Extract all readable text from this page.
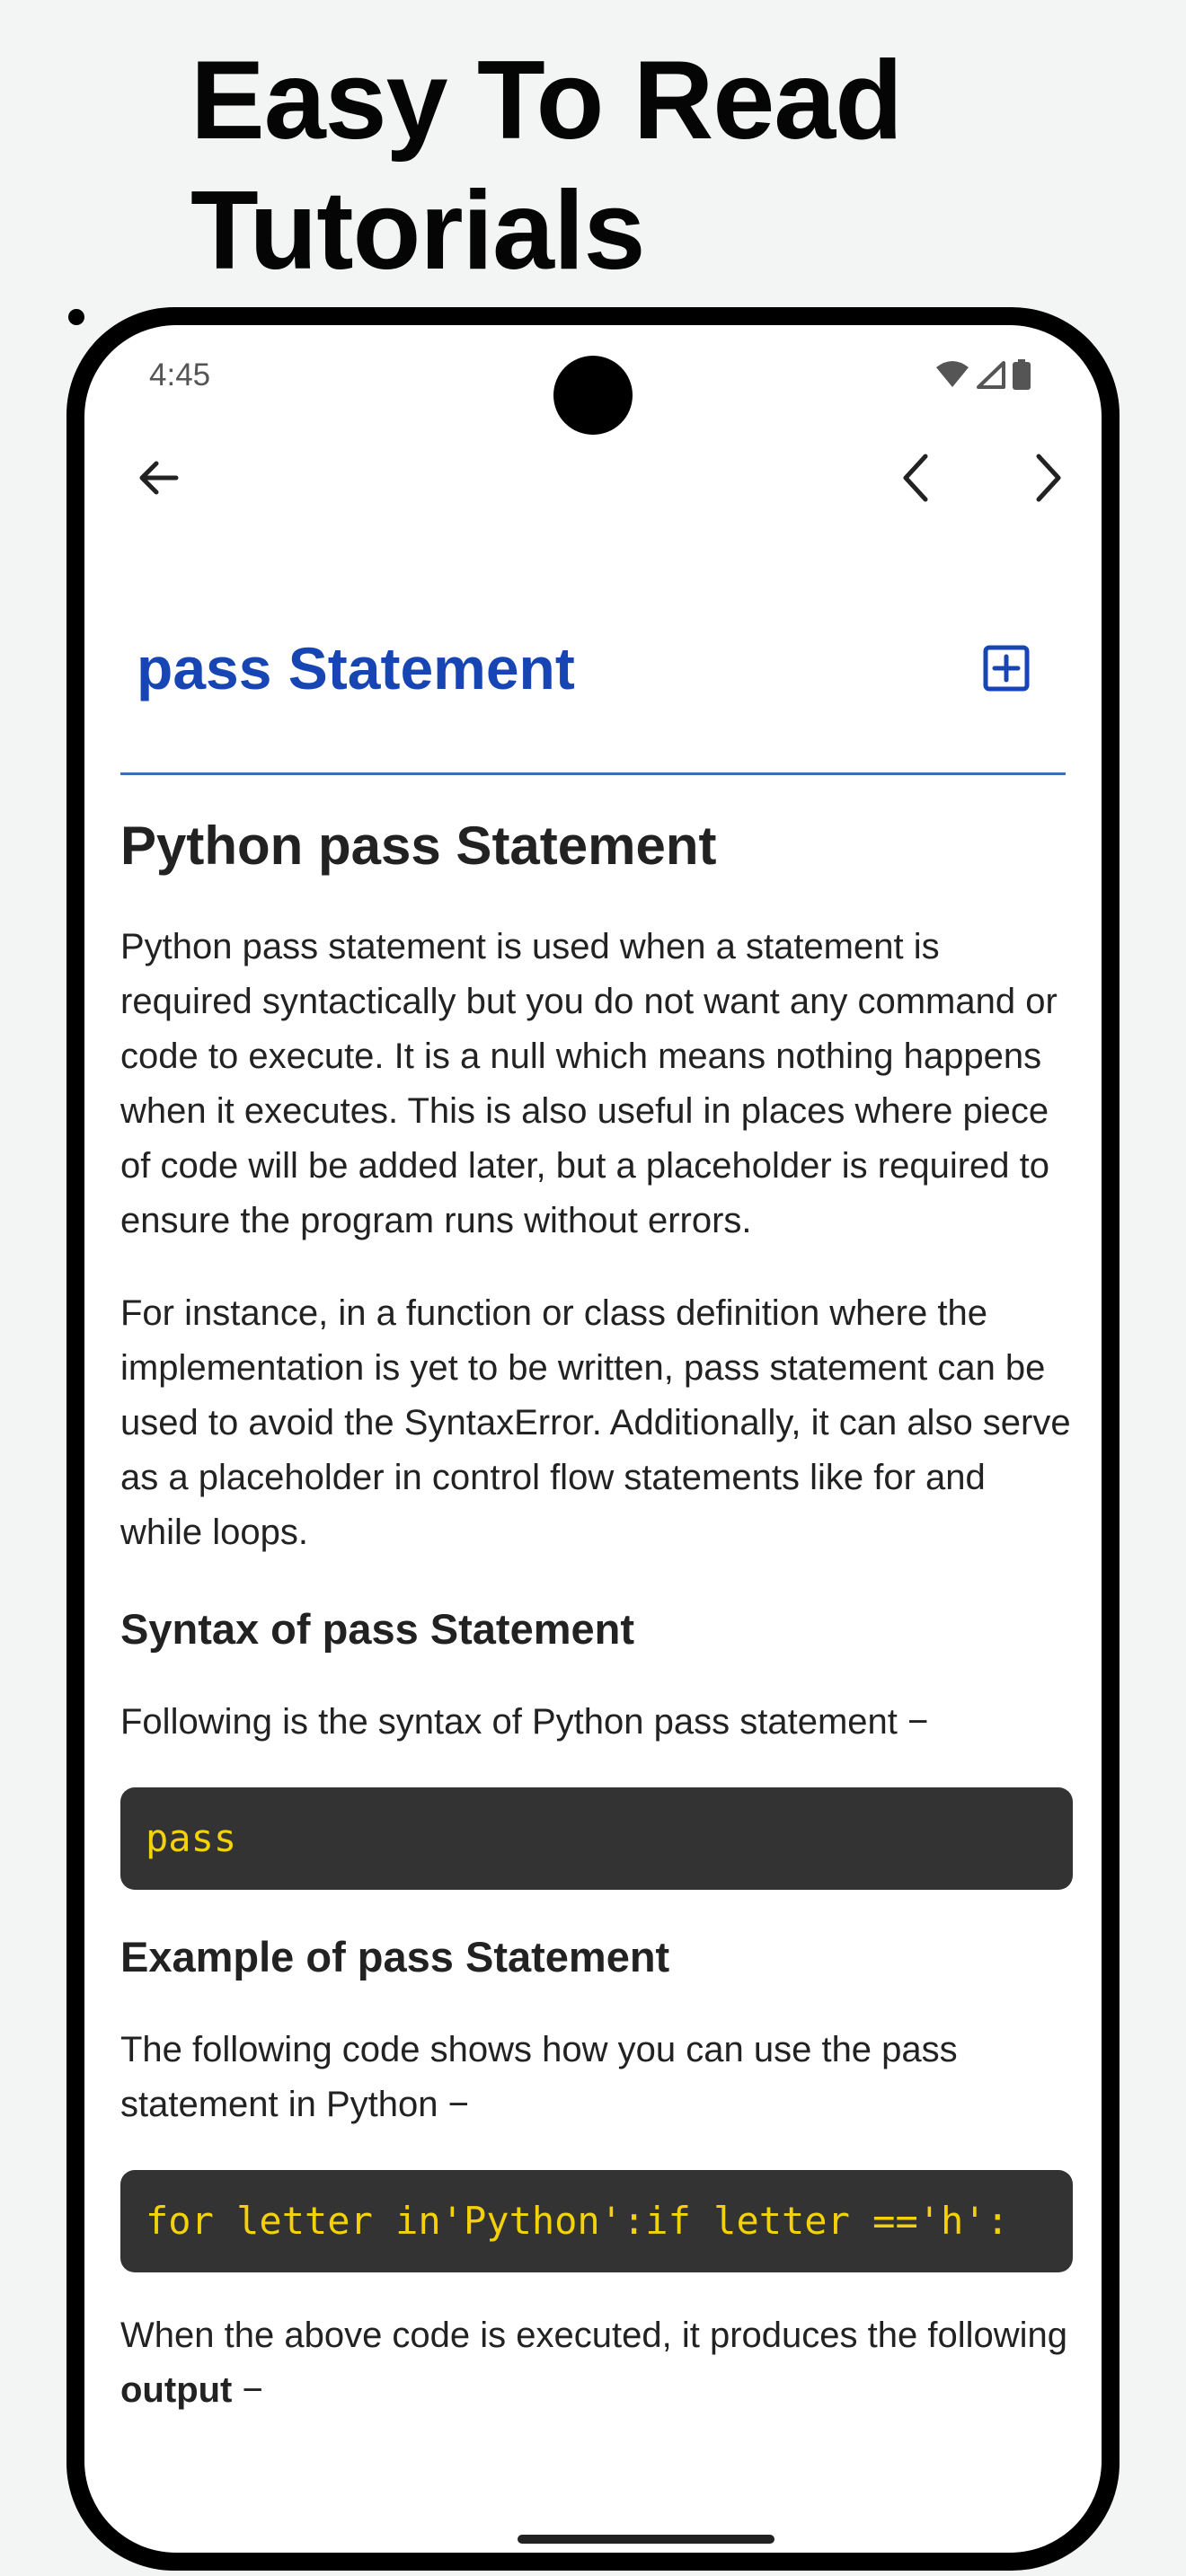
Easy To Read
Tutorials
4:45
pass Statement
Python pass Statement

Python pass statement is used when a statement is required syntactically but you do not want any command or code to execute. It is a null which means nothing happens when it executes. This is also useful in places where piece of code will be added later, but a placeholder is required to ensure the program runs without errors.

For instance, in a function or class definition where the implementation is yet to be written, pass statement can be used to avoid the SyntaxError. Additionally, it can also serve as a placeholder in control flow statements like for and while loops.

Syntax of pass Statement

Following is the syntax of Python pass statement −

pass
Example of pass Statement

The following code shows how you can use the pass statement in Python −

for letter in'Python':if letter =='h':

When the above code is executed, it produces the following output −
